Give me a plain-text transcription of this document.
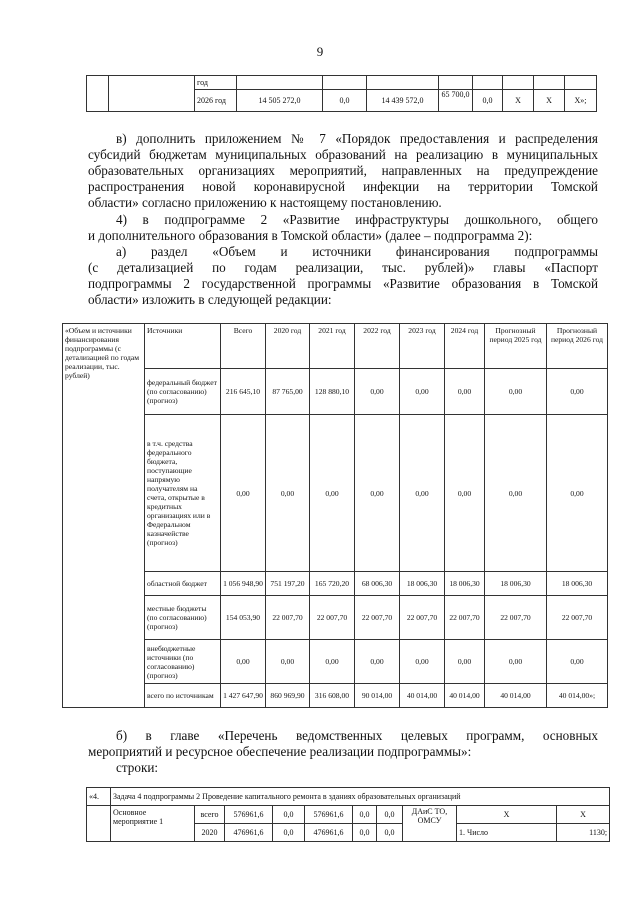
9
		год								
		2026 год	14 505 272,0	0,0	14 439 572,0	65 700,0	0,0	Х	Х	Х»;
в) дополнить приложением № 7 «Порядок предоставления и распределения
субсидий бюджетам муниципальных образований на реализацию в муниципальных
образовательных организациях мероприятий, направленных на предупреждение
распространения новой коронавирусной инфекции на территории Томской
области» согласно приложению к настоящему постановлению.
4) в подпрограмме 2 «Развитие инфраструктуры дошкольного, общего
и дополнительного образования в Томской области» (далее – подпрограмма 2):
а) раздел «Объем и источники финансирования подпрограммы
(с детализацией по годам реализации, тыс. рублей)» главы «Паспорт
подпрограммы 2 государственной программы «Развитие образования в Томской
области» изложить в следующей редакции:
«Объем и источники финансирования подпрограммы (с детализацией по годам реализации, тыс. рублей)	Источники	Всего	2020 год	2021 год	2022 год	2023 год	2024 год	Прогнозный период 2025 год	Прогнозный период 2026 год
	федеральный бюджет (по согласованию) (прогноз)	216 645,10	87 765,00	128 880,10	0,00	0,00	0,00	0,00	0,00
	в т.ч. средства федерального бюджета, поступающие напрямую получателям на счета, открытые в кредитных организациях или в Федеральном казначействе (прогноз)	0,00	0,00	0,00	0,00	0,00	0,00	0,00	0,00
	областной бюджет	1 056 948,90	751 197,20	165 720,20	68 006,30	18 006,30	18 006,30	18 006,30	18 006,30
	местные бюджеты (по согласованию) (прогноз)	154 053,90	22 007,70	22 007,70	22 007,70	22 007,70	22 007,70	22 007,70	22 007,70
	внебюджетные источники (по согласованию) (прогноз)	0,00	0,00	0,00	0,00	0,00	0,00	0,00	0,00
	всего по источникам	1 427 647,90	860 969,90	316 608,00	90 014,00	40 014,00	40 014,00	40 014,00	40 014,00»;
б) в главе «Перечень ведомственных целевых программ, основных
мероприятий и ресурсное обеспечение реализации подпрограммы»:
строки:
«4.	Задача 4 подпрограммы 2 Проведение капитального ремонта в зданиях образовательных организаций									
	Основное мероприятие 1	всего	576961,6	0,0	576961,6	0,0	0,0	ДАиС ТО, ОМСУ	Х	Х
		2020	476961,6	0,0	476961,6	0,0	0,0		1. Число	1130;
